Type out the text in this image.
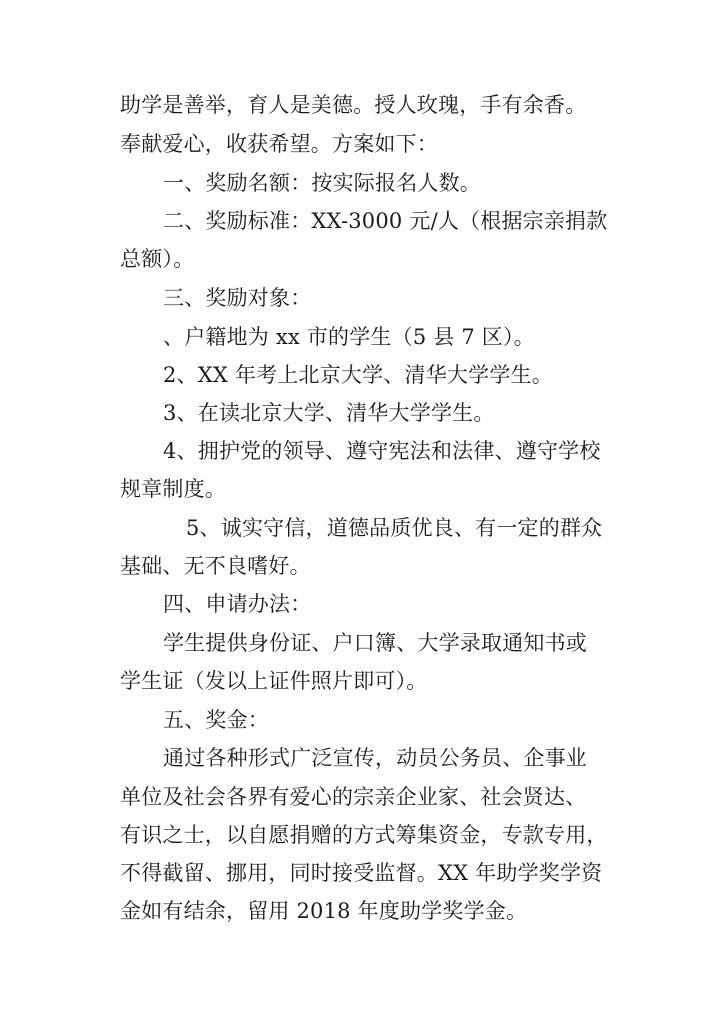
助学是善举，育人是美德。授人玫瑰，手有余香。
奉献爱心，收获希望。方案如下：
一、奖励名额：按实际报名人数。
二、奖励标准：XX-3000 元/人（根据宗亲捐款
总额）。
三、奖励对象：
、户籍地为 xx 市的学生（5 县 7 区）。
2、XX 年考上北京大学、清华大学学生。
3、在读北京大学、清华大学学生。
4、拥护党的领导、遵守宪法和法律、遵守学校
规章制度。
5、诚实守信，道德品质优良、有一定的群众
基础、无不良嗜好。
四、申请办法：
学生提供身份证、户口簿、大学录取通知书或
学生证（发以上证件照片即可）。
五、奖金：
通过各种形式广泛宣传，动员公务员、企事业
单位及社会各界有爱心的宗亲企业家、社会贤达、
有识之士，以自愿捐赠的方式筹集资金，专款专用，
不得截留、挪用，同时接受监督。XX 年助学奖学资
金如有结余，留用 2018 年度助学奖学金。
